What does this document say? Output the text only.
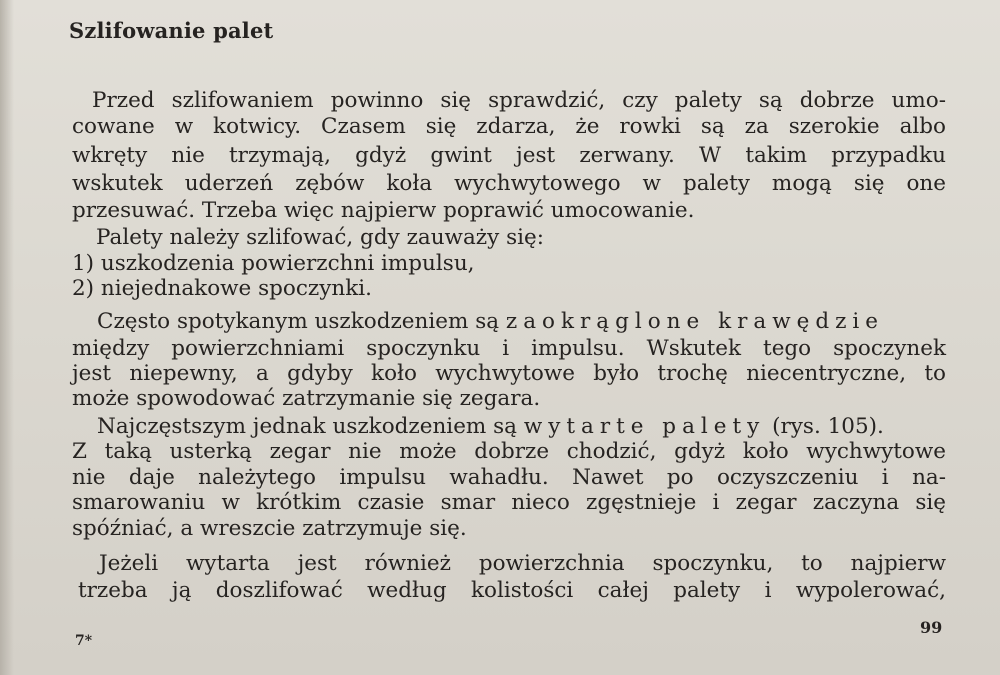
Szlifowanie palet
Przed szlifowaniem powinno się sprawdzić, czy palety są dobrze umo-
cowane w kotwicy. Czasem się zdarza, że rowki są za szerokie albo
wkręty nie trzymają, gdyż gwint jest zerwany. W takim przypadku
wskutek uderzeń zębów koła wychwytowego w palety mogą się one
przesuwać. Trzeba więc najpierw poprawić umocowanie.
Palety należy szlifować, gdy zauważy się:
1) uszkodzenia powierzchni impulsu,
2) niejednakowe spoczynki.
Często spotykanym uszkodzeniem są zaokrąglone krawędzie
między powierzchniami spoczynku i impulsu. Wskutek tego spoczynek
jest niepewny, a gdyby koło wychwytowe było trochę niecentryczne, to
może spowodować zatrzymanie się zegara.
Najczęstszym jednak uszkodzeniem są wytarte palety (rys. 105).
Z taką usterką zegar nie może dobrze chodzić, gdyż koło wychwytowe
nie daje należytego impulsu wahadłu. Nawet po oczyszczeniu i na-
smarowaniu w krótkim czasie smar nieco zgęstnieje i zegar zaczyna się
spóźniać, a wreszcie zatrzymuje się.
Jeżeli wytarta jest również powierzchnia spoczynku, to najpierw
trzeba ją doszlifować według kolistości całej palety i wypolerować,
7*
99
